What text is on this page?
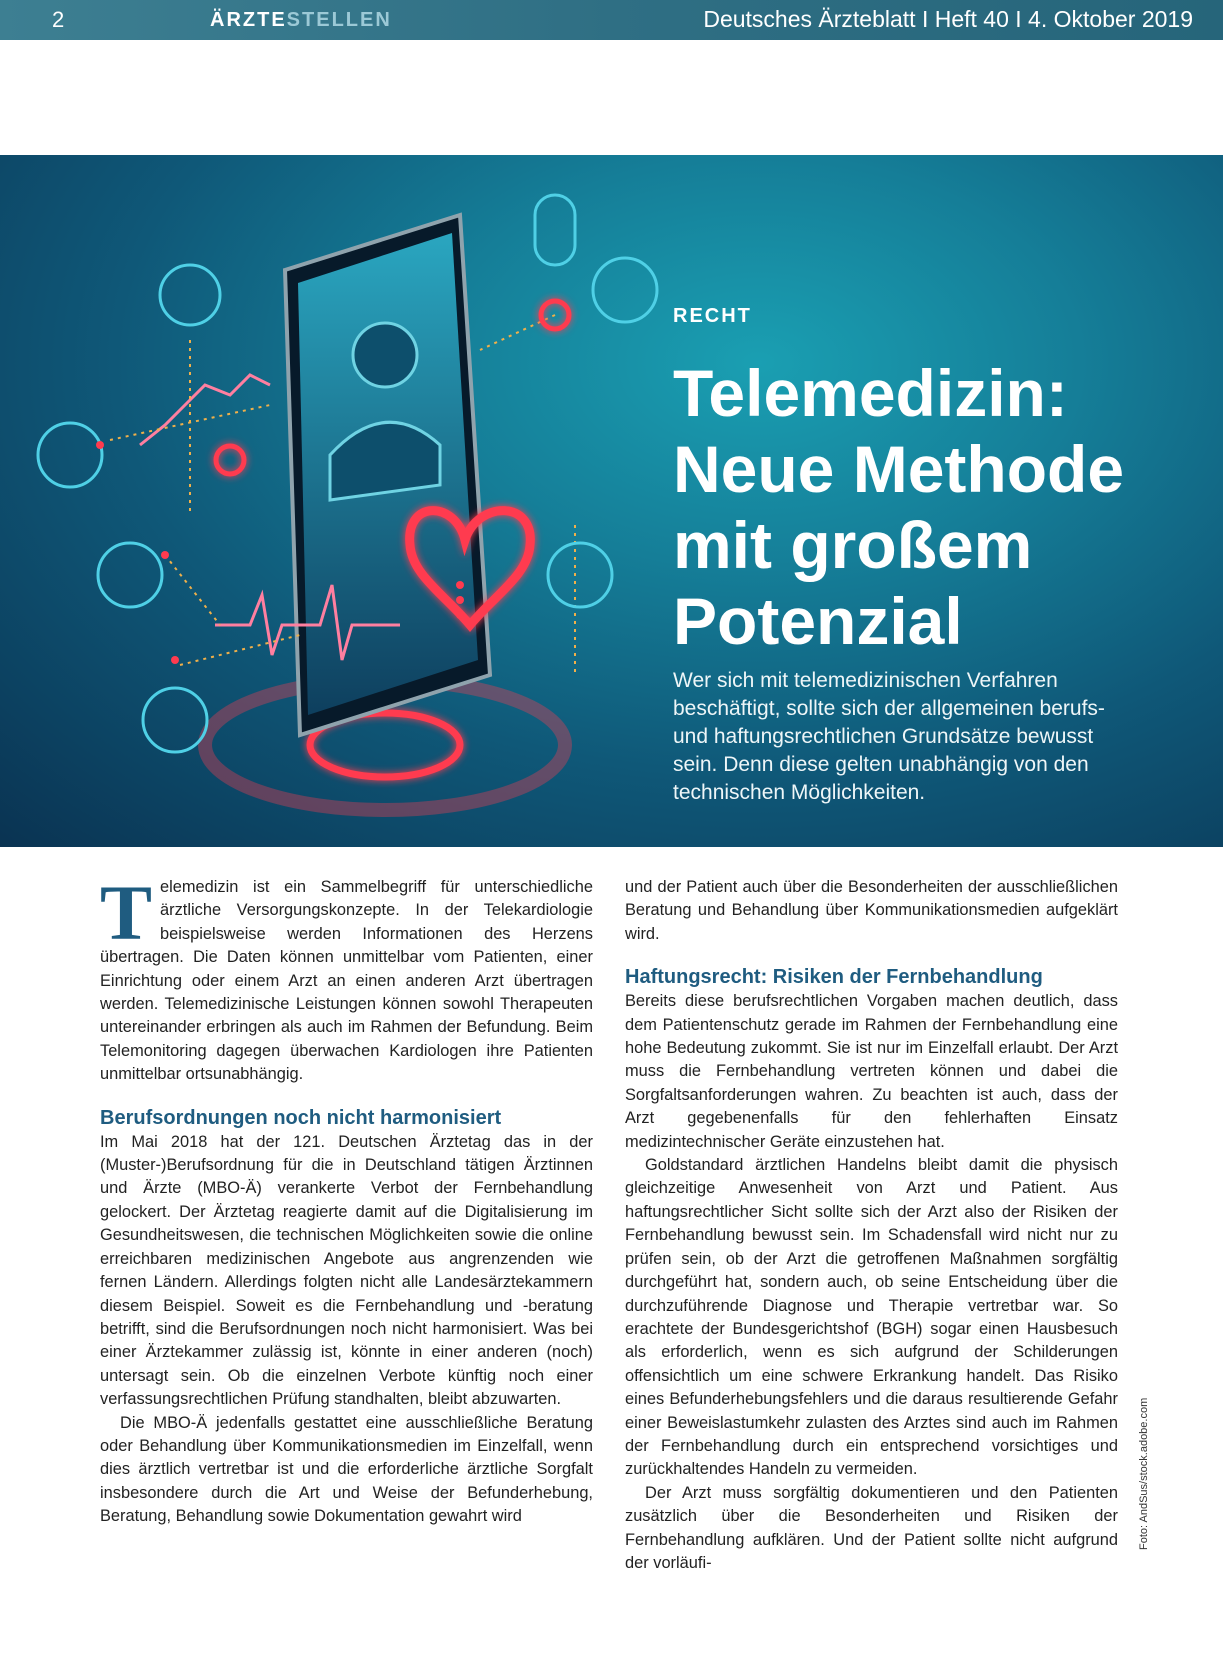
2	ÄRZTESTELLEN	Deutsches Ärzteblatt I Heft 40 I 4. Oktober 2019
RECHT
Telemedizin: Neue Methode mit großem Potenzial

Wer sich mit telemedizinischen Verfahren beschäftigt, sollte sich der allgemeinen berufs- und haftungsrechtlichen Grundsätze bewusst sein. Denn diese gelten unabhängig von den technischen Möglichkeiten.

Telemedizin ist ein Sammelbegriff für unterschiedliche ärztliche Versorgungskonzepte. In der Telekardiologie beispielsweise werden Informationen des Herzens übertragen. Die Daten können unmittelbar vom Patienten, einer Einrichtung oder einem Arzt an einen anderen Arzt übertragen werden. Telemedizinische Leistungen können sowohl Therapeuten untereinander erbringen als auch im Rahmen der Befundung. Beim Telemonitoring dagegen überwachen Kardiologen ihre Patienten unmittelbar ortsunabhängig.

Berufsordnungen noch nicht harmonisiert

Im Mai 2018 hat der 121. Deutschen Ärztetag das in der (Muster-)Berufsordnung für die in Deutschland tätigen Ärztinnen und Ärzte (MBO-Ä) verankerte Verbot der Fernbehandlung gelockert. Der Ärztetag reagierte damit auf die Digitalisierung im Gesundheitswesen, die technischen Möglichkeiten sowie die online erreichbaren medizinischen Angebote aus angrenzenden wie fernen Ländern. Allerdings folgten nicht alle Landesärztekammern diesem Beispiel. Soweit es die Fernbehandlung und -beratung betrifft, sind die Berufsordnungen noch nicht harmonisiert. Was bei einer Ärztekammer zulässig ist, könnte in einer anderen (noch) untersagt sein. Ob die einzelnen Verbote künftig noch einer verfassungsrechtlichen Prüfung standhalten, bleibt abzuwarten.

Die MBO-Ä jedenfalls gestattet eine ausschließliche Beratung oder Behandlung über Kommunikationsmedien im Einzelfall, wenn dies ärztlich vertretbar ist und die erforderliche ärztliche Sorgfalt insbesondere durch die Art und Weise der Befunderhebung, Beratung, Behandlung sowie Dokumentation gewahrt wird

und der Patient auch über die Besonderheiten der ausschließlichen Beratung und Behandlung über Kommunikationsmedien aufgeklärt wird.

Haftungsrecht: Risiken der Fernbehandlung

Bereits diese berufsrechtlichen Vorgaben machen deutlich, dass dem Patientenschutz gerade im Rahmen der Fernbehandlung eine hohe Bedeutung zukommt. Sie ist nur im Einzelfall erlaubt. Der Arzt muss die Fernbehandlung vertreten können und dabei die Sorgfaltsanforderungen wahren. Zu beachten ist auch, dass der Arzt gegebenenfalls für den fehlerhaften Einsatz medizintechnischer Geräte einzustehen hat.

Goldstandard ärztlichen Handelns bleibt damit die physisch gleichzeitige Anwesenheit von Arzt und Patient. Aus haftungsrechtlicher Sicht sollte sich der Arzt also der Risiken der Fernbehandlung bewusst sein. Im Schadensfall wird nicht nur zu prüfen sein, ob der Arzt die getroffenen Maßnahmen sorgfältig durchgeführt hat, sondern auch, ob seine Entscheidung über die durchzuführende Diagnose und Therapie vertretbar war. So erachtete der Bundesgerichtshof (BGH) sogar einen Hausbesuch als erforderlich, wenn es sich aufgrund der Schilderungen offensichtlich um eine schwere Erkrankung handelt. Das Risiko eines Befunderhebungsfehlers und die daraus resultierende Gefahr einer Beweislastumkehr zulasten des Arztes sind auch im Rahmen der Fernbehandlung durch ein entsprechend vorsichtiges und zurückhaltendes Handeln zu vermeiden.

Der Arzt muss sorgfältig dokumentieren und den Patienten zusätzlich über die Besonderheiten und Risiken der Fernbehandlung aufklären. Und der Patient sollte nicht aufgrund der vorläufi-

Foto: AndSus/stock.adobe.com
